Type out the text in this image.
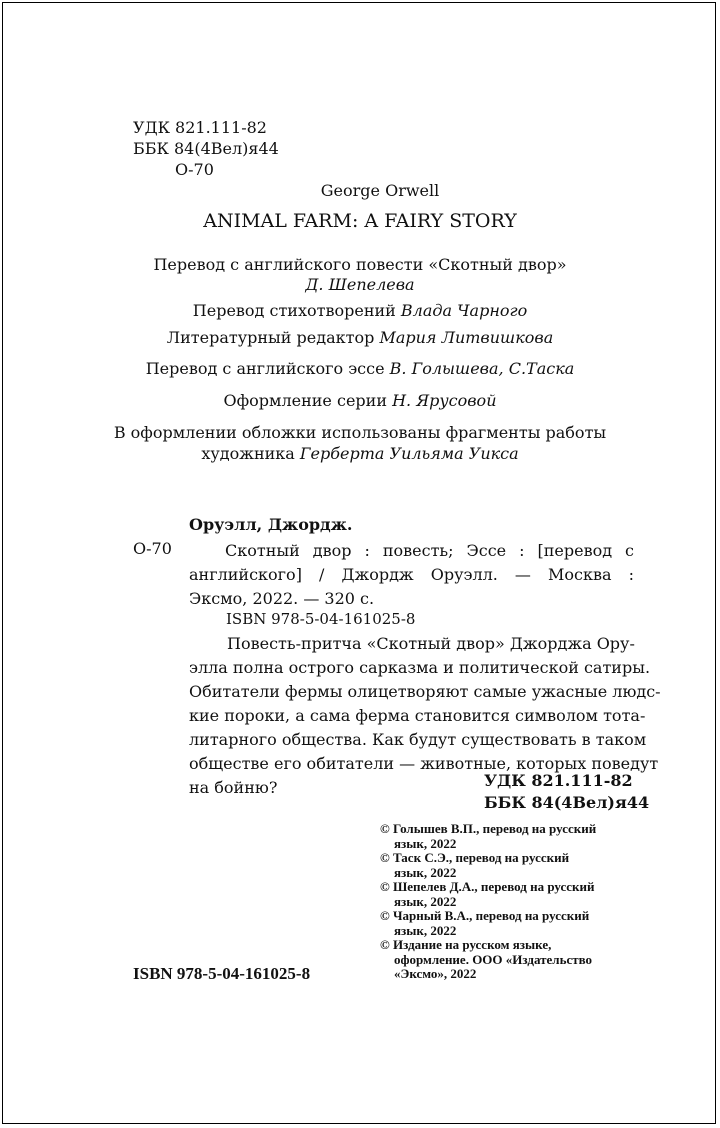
УДК 821.111-82
ББК 84(4Вел)я44
О-70
George Orwell
ANIMAL FARM: A FAIRY STORY
Перевод с английского повести «Скотный двор»
Д. Шепелева
Перевод стихотворений Влада Чарного
Литературный редактор Мария Литвишкова
Перевод с английского эссе В. Голышева, С.Таска
Оформление серии Н. Ярусовой
В оформлении обложки использованы фрагменты работы
художника Герберта Уильяма Уикса
Оруэлл, Джордж.
О-70	Скотный двор : повесть; Эссе : [перевод с
английского] / Джордж Оруэлл. — Москва :
Эксмо, 2022. — 320 с.
ISBN 978-5-04-161025-8
Повесть-притча «Скотный двор» Джорджа Ору-
элла полна острого сарказма и политической сатиры.
Обитатели фермы олицетворяют самые ужасные людс-
кие пороки, а сама ферма становится символом тота-
литарного общества. Как будут существовать в таком
обществе его обитатели — животные, которых поведут
на бойню?	УДК 821.111-82
ББК 84(4Вел)я44
© Голышев В.П., перевод на русский
язык, 2022
© Таск С.Э., перевод на русский
язык, 2022
© Шепелев Д.А., перевод на русский
язык, 2022
© Чарный В.А., перевод на русский
язык, 2022
© Издание на русском языке,
оформление. ООО «Издательство
«Эксмо», 2022
ISBN 978-5-04-161025-8
